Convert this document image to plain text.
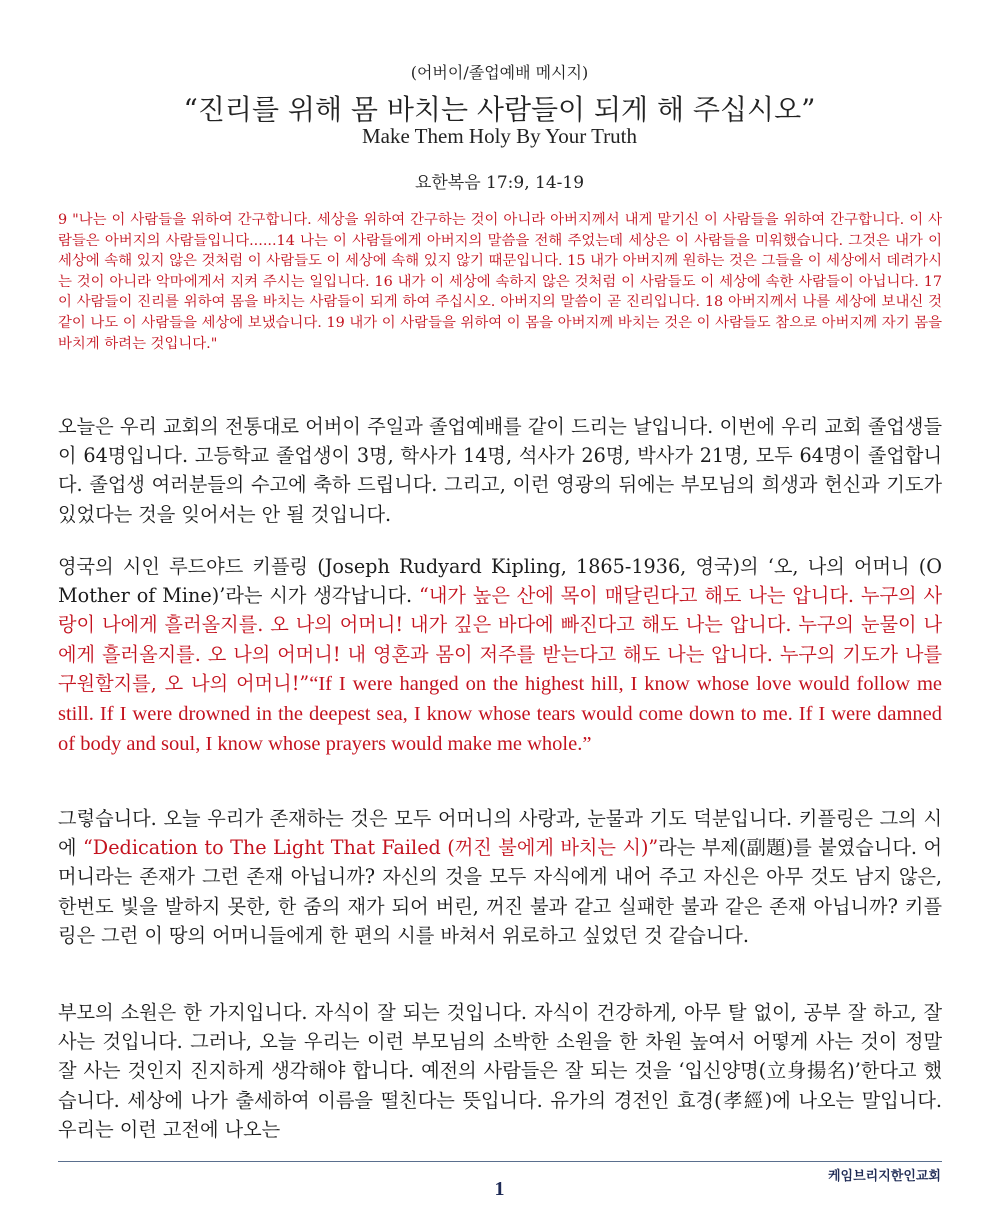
(어버이/졸업예배 메시지)
“진리를 위해 몸 바치는 사람들이 되게 해 주십시오”
Make Them Holy By Your Truth
요한복음 17:9, 14-19
9 "나는 이 사람들을 위하여 간구합니다. 세상을 위하여 간구하는 것이 아니라 아버지께서 내게 맡기신 이 사람들을 위하여 간구합니다. 이 사람들은 아버지의 사람들입니다......14 나는 이 사람들에게 아버지의 말씀을 전해 주었는데 세상은 이 사람들을 미워했습니다. 그것은 내가 이 세상에 속해 있지 않은 것처럼 이 사람들도 이 세상에 속해 있지 않기 때문입니다. 15 내가 아버지께 원하는 것은 그들을 이 세상에서 데려가시는 것이 아니라 악마에게서 지켜 주시는 일입니다. 16 내가 이 세상에 속하지 않은 것처럼 이 사람들도 이 세상에 속한 사람들이 아닙니다. 17 이 사람들이 진리를 위하여 몸을 바치는 사람들이 되게 하여 주십시오. 아버지의 말씀이 곧 진리입니다. 18 아버지께서 나를 세상에 보내신 것같이 나도 이 사람들을 세상에 보냈습니다. 19 내가 이 사람들을 위하여 이 몸을 아버지께 바치는 것은 이 사람들도 참으로 아버지께 자기 몸을 바치게 하려는 것입니다."

오늘은 우리 교회의 전통대로 어버이 주일과 졸업예배를 같이 드리는 날입니다. 이번에 우리 교회 졸업생들이 64명입니다. 고등학교 졸업생이 3명, 학사가 14명, 석사가 26명, 박사가 21명, 모두 64명이 졸업합니다. 졸업생 여러분들의 수고에 축하 드립니다. 그리고, 이런 영광의 뒤에는 부모님의 희생과 헌신과 기도가 있었다는 것을 잊어서는 안 될 것입니다.

영국의 시인 루드야드 키플링 (Joseph Rudyard Kipling, 1865-1936, 영국)의 ‘오, 나의 어머니 (O Mother of Mine)’라는 시가 생각납니다. “내가 높은 산에 목이 매달린다고 해도 나는 압니다. 누구의 사랑이 나에게 흘러올지를. 오 나의 어머니! 내가 깊은 바다에 빠진다고 해도 나는 압니다. 누구의 눈물이 나에게 흘러올지를. 오 나의 어머니! 내 영혼과 몸이 저주를 받는다고 해도 나는 압니다. 누구의 기도가 나를 구원할지를, 오 나의 어머니!”“If I were hanged on the highest hill, I know whose love would follow me still. If I were drowned in the deepest sea, I know whose tears would come down to me. If I were damned of body and soul, I know whose prayers would make me whole.”

그렇습니다. 오늘 우리가 존재하는 것은 모두 어머니의 사랑과, 눈물과 기도 덕분입니다. 키플링은 그의 시에 “Dedication to The Light That Failed (꺼진 불에게 바치는 시)”라는 부제(副題)를 붙였습니다. 어머니라는 존재가 그런 존재 아닙니까? 자신의 것을 모두 자식에게 내어 주고 자신은 아무 것도 남지 않은, 한번도 빛을 발하지 못한, 한 줌의 재가 되어 버린, 꺼진 불과 같고 실패한 불과 같은 존재 아닙니까? 키플링은 그런 이 땅의 어머니들에게 한 편의 시를 바쳐서 위로하고 싶었던 것 같습니다.

부모의 소원은 한 가지입니다. 자식이 잘 되는 것입니다. 자식이 건강하게, 아무 탈 없이, 공부 잘 하고, 잘 사는 것입니다. 그러나, 오늘 우리는 이런 부모님의 소박한 소원을 한 차원 높여서 어떻게 사는 것이 정말 잘 사는 것인지 진지하게 생각해야 합니다. 예전의 사람들은 잘 되는 것을 ‘입신양명(立身揚名)’한다고 했습니다. 세상에 나가 출세하여 이름을 떨친다는 뜻입니다. 유가의 경전인 효경(孝經)에 나오는 말입니다. 우리는 이런 고전에 나오는

케임브리지한인교회
1
